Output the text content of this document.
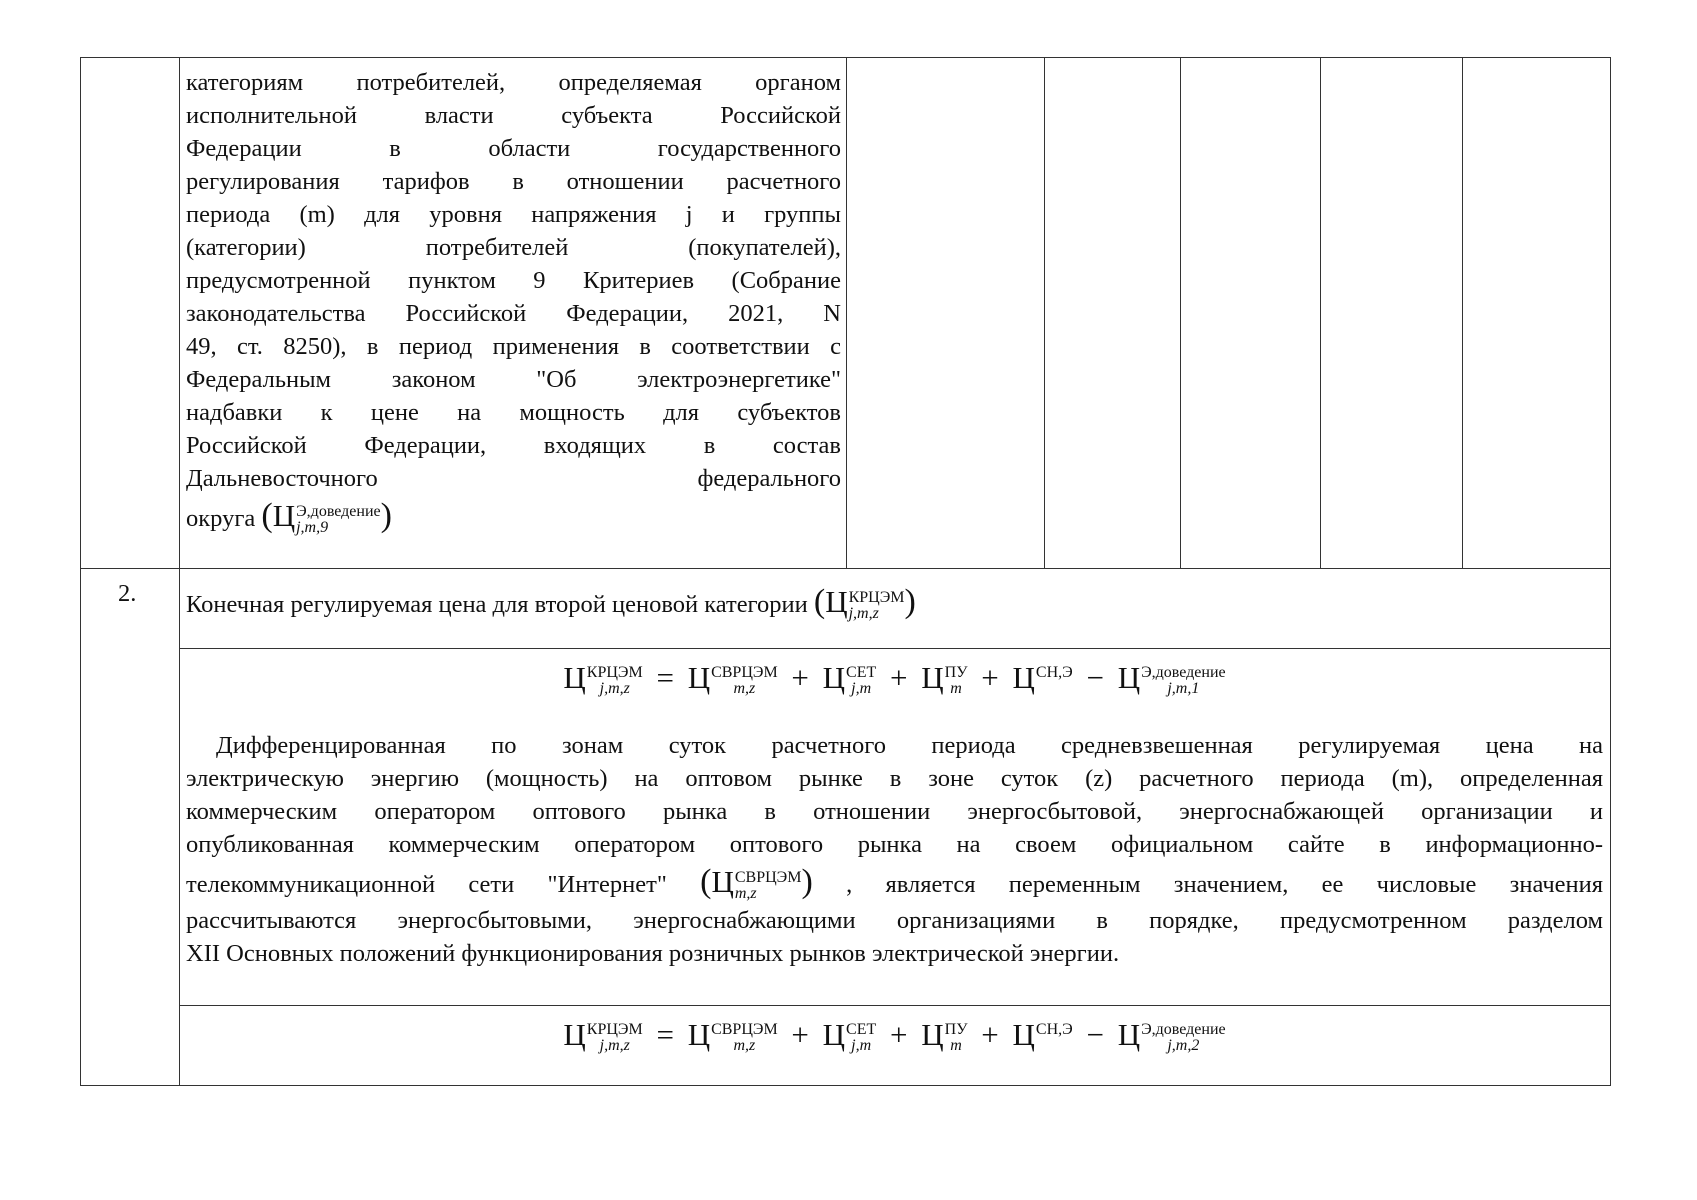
категориям потребителей, определяемая органом
исполнительной власти субъекта Российской
Федерации в области государственного
регулирования тарифов в отношении расчетного
периода (m) для уровня напряжения j и группы
(категории) потребителей (покупателей),
предусмотренной пунктом 9 Критериев (Собрание
законодательства Российской Федерации, 2021, N
49, ст. 8250), в период применения в соответствии с
Федеральным законом "Об электроэнергетике"
надбавки к цене на мощность для субъектов
Российской Федерации, входящих в состав
Дальневосточного федерального
округа (Ц Э,доведение
j,m,9	)
2. Конечная регулируемая цена для второй ценовой категории (Ц КРЦЭМ
j,m,z )
Ц КРЦЭМ
j,m,z = Ц СВРЦЭМ
m,z	+ Ц СЕТ
j,m + Ц ПУ
m + Ц СН,Э
− Ц Э,доведение
j,m,1
Дифференцированная по зонам суток расчетного периода средневзвешенная регулируемая цена на
электрическую энергию (мощность) на оптовом рынке в зоне суток (z) расчетного периода (m), определенная
коммерческим оператором оптового рынка в отношении энергосбытовой, энергоснабжающей организации и
опубликованная коммерческим оператором оптового рынка на своем официальном сайте в информационно-
телекоммуникационной сети "Интернет" (Ц СВРЦЭМ
m,z	) , является переменным значением, ее числовые значения
рассчитываются энергосбытовыми, энергоснабжающими организациями в порядке, предусмотренном разделом
XII Основных положений функционирования розничных рынков электрической энергии.
Ц КРЦЭМ
j,m,z = Ц СВРЦЭМ
m,z	+ Ц СЕТ
j,m + Ц ПУ
m + Ц СН,Э
− Ц Э,доведение
j,m,2
